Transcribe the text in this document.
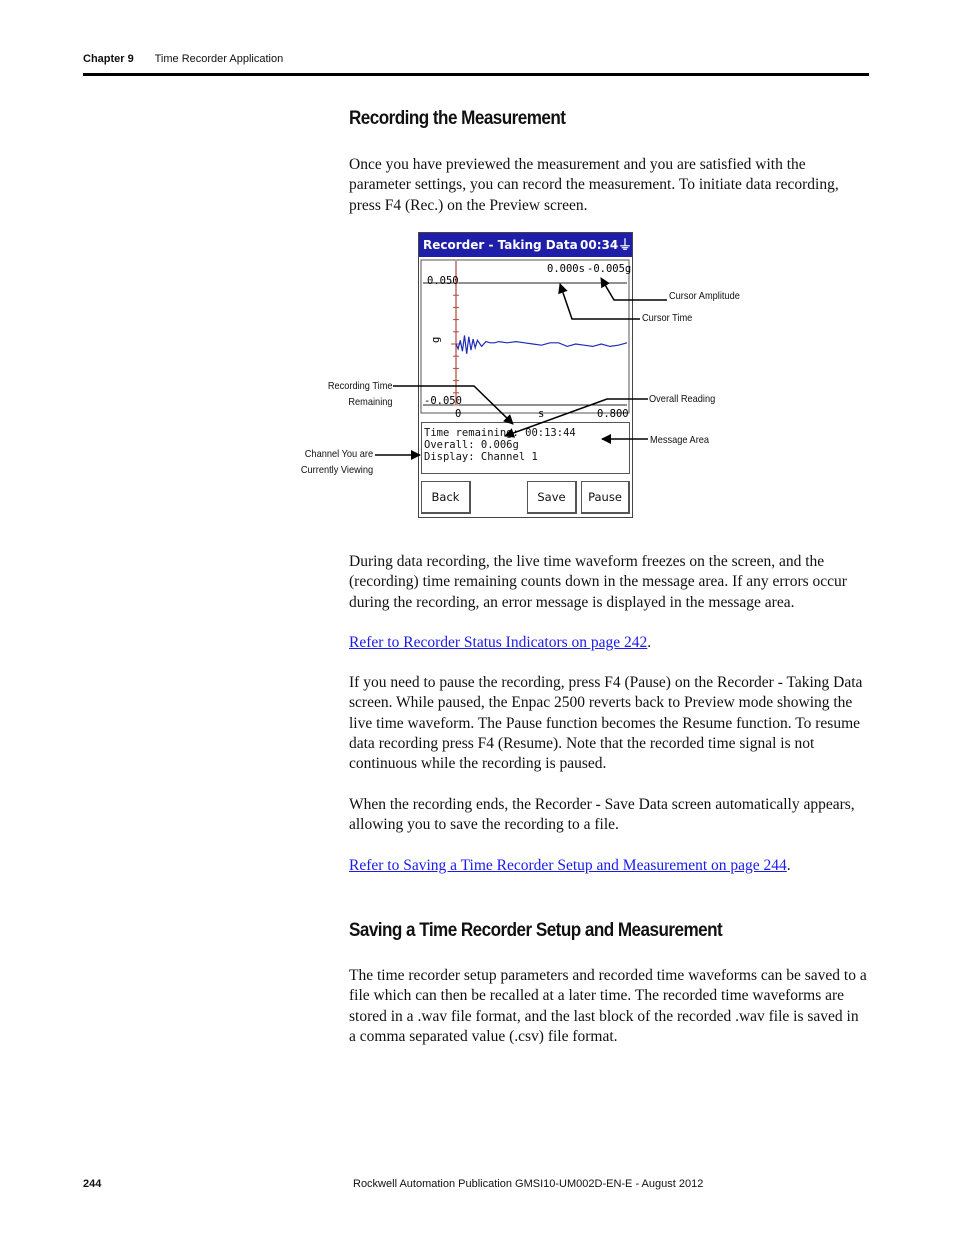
Chapter 9 Time Recorder Application
Recording the Measurement

Once you have previewed the measurement and you are satisfied with the parameter settings, you can record the measurement. To initiate data recording, press F4 (Rec.) on the Preview screen.

Recorder - Taking Data 00:34 ⏚
0.000s -0.005g
0.050
g
-0.050
0	s	0.800
Time remaining: 00:13:44
Overall: 0.006g
Display: Channel 1
Back	Save	Pause
Cursor Amplitude
Cursor Time
Recording Time
Remaining	Overall Reading
Channel You are
Currently Viewing
Message Area

During data recording, the live time waveform freezes on the screen, and the (recording) time remaining counts down in the message area. If any errors occur during the recording, an error message is displayed in the message area.

Refer to Recorder Status Indicators on page 242.

If you need to pause the recording, press F4 (Pause) on the Recorder - Taking Data screen. While paused, the Enpac 2500 reverts back to Preview mode showing the live time waveform. The Pause function becomes the Resume function. To resume data recording press F4 (Resume). Note that the recorded time signal is not continuous while the recording is paused.

When the recording ends, the Recorder - Save Data screen automatically appears, allowing you to save the recording to a file.

Refer to Saving a Time Recorder Setup and Measurement on page 244.

Saving a Time Recorder Setup and Measurement

The time recorder setup parameters and recorded time waveforms can be saved to a file which can then be recalled at a later time. The recorded time waveforms are stored in a .wav file format, and the last block of the recorded .wav file is saved in a comma separated value (.csv) file format.

244	Rockwell Automation Publication GMSI10-UM002D-EN-E - August 2012
